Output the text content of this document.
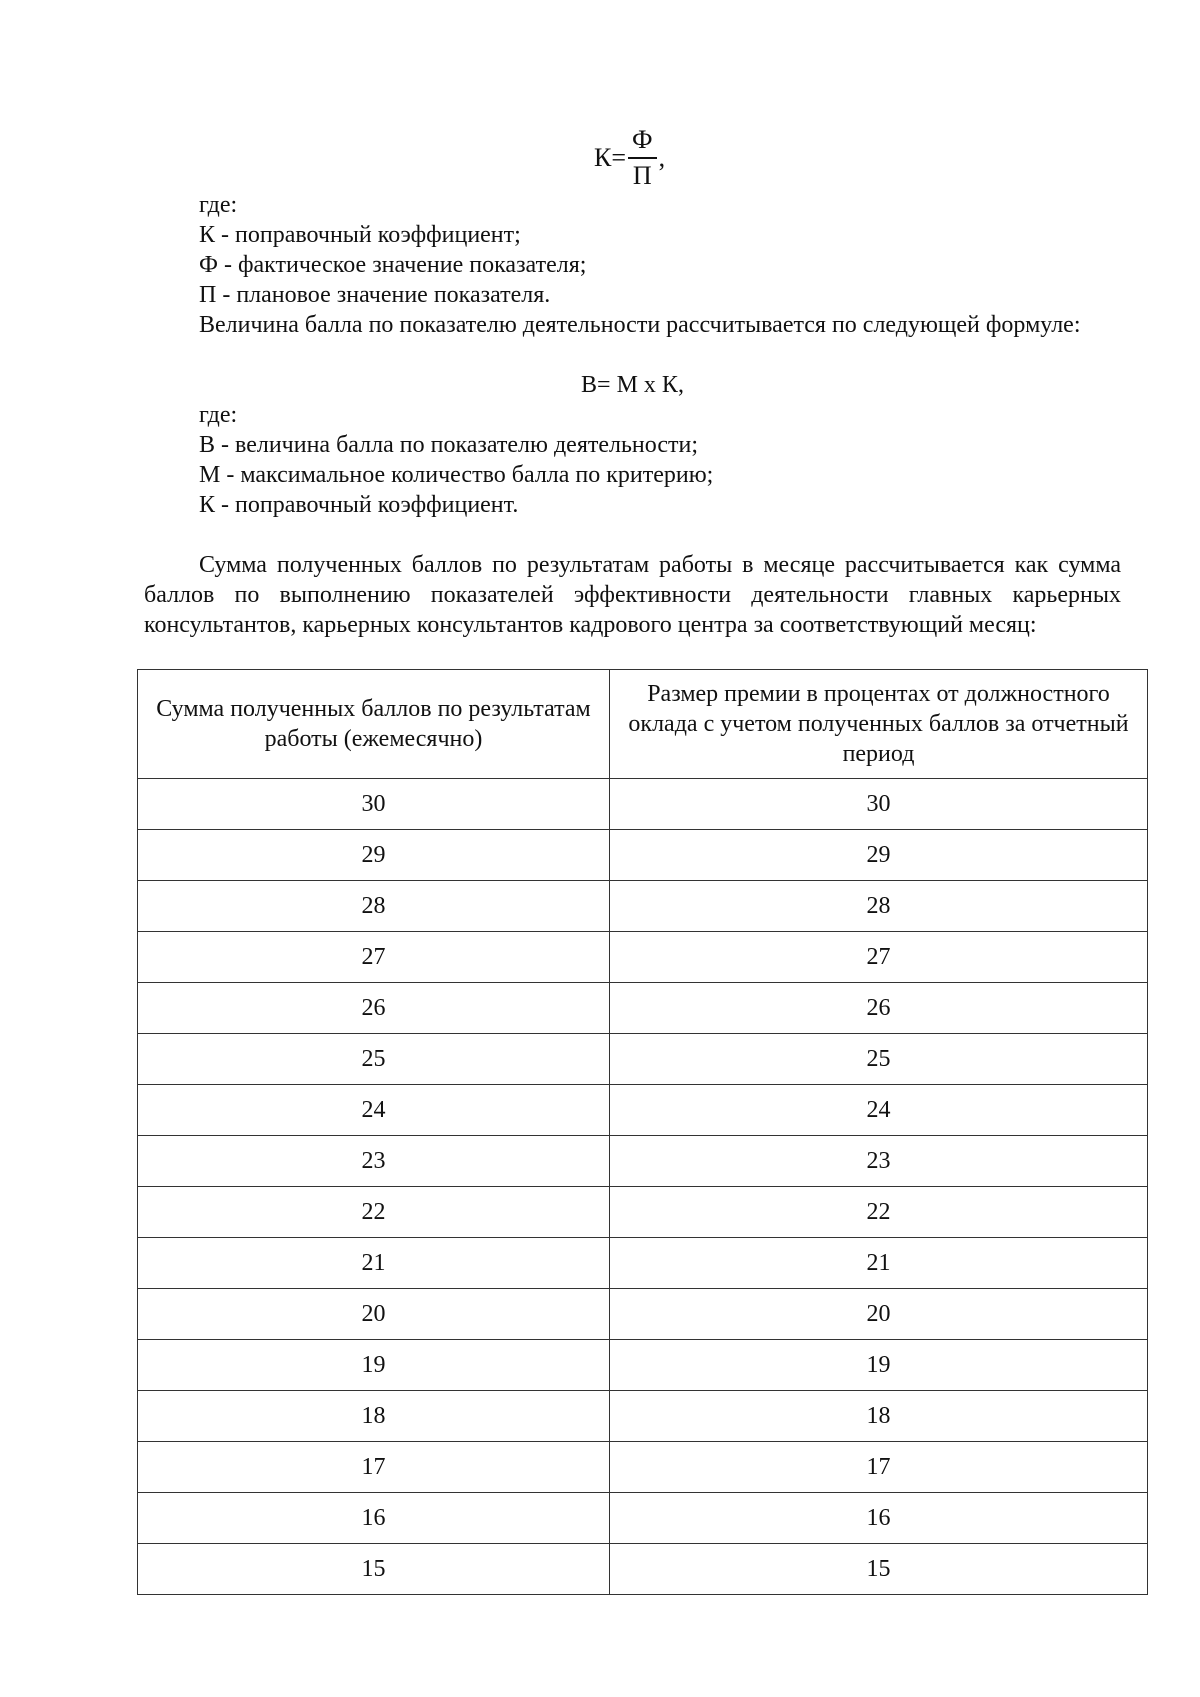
$К= \frac{Ф}{П}$ ,

где:

К - поправочный коэффициент;

Ф - фактическое значение показателя;

П - плановое значение показателя.

Величина балла по показателю деятельности рассчитывается по следующей формуле:

В= М х К,

где:

В - величина балла по показателю деятельности;

М - максимальное количество балла по критерию;

К - поправочный коэффициент.

Сумма полученных баллов по результатам работы в месяце рассчитывается как сумма баллов по выполнению показателей эффективности деятельности главных карьерных консультантов, карьерных консультантов кадрового центра за соответствующий месяц:

Сумма полученных баллов по результатам работы (ежемесячно)	Размер премии в процентах от должностного оклада с учетом полученных баллов за отчетный период
30	30
29	29
28	28
27	27
26	26
25	25
24	24
23	23
22	22
21	21
20	20
19	19
18	18
17	17
16	16
15	15
